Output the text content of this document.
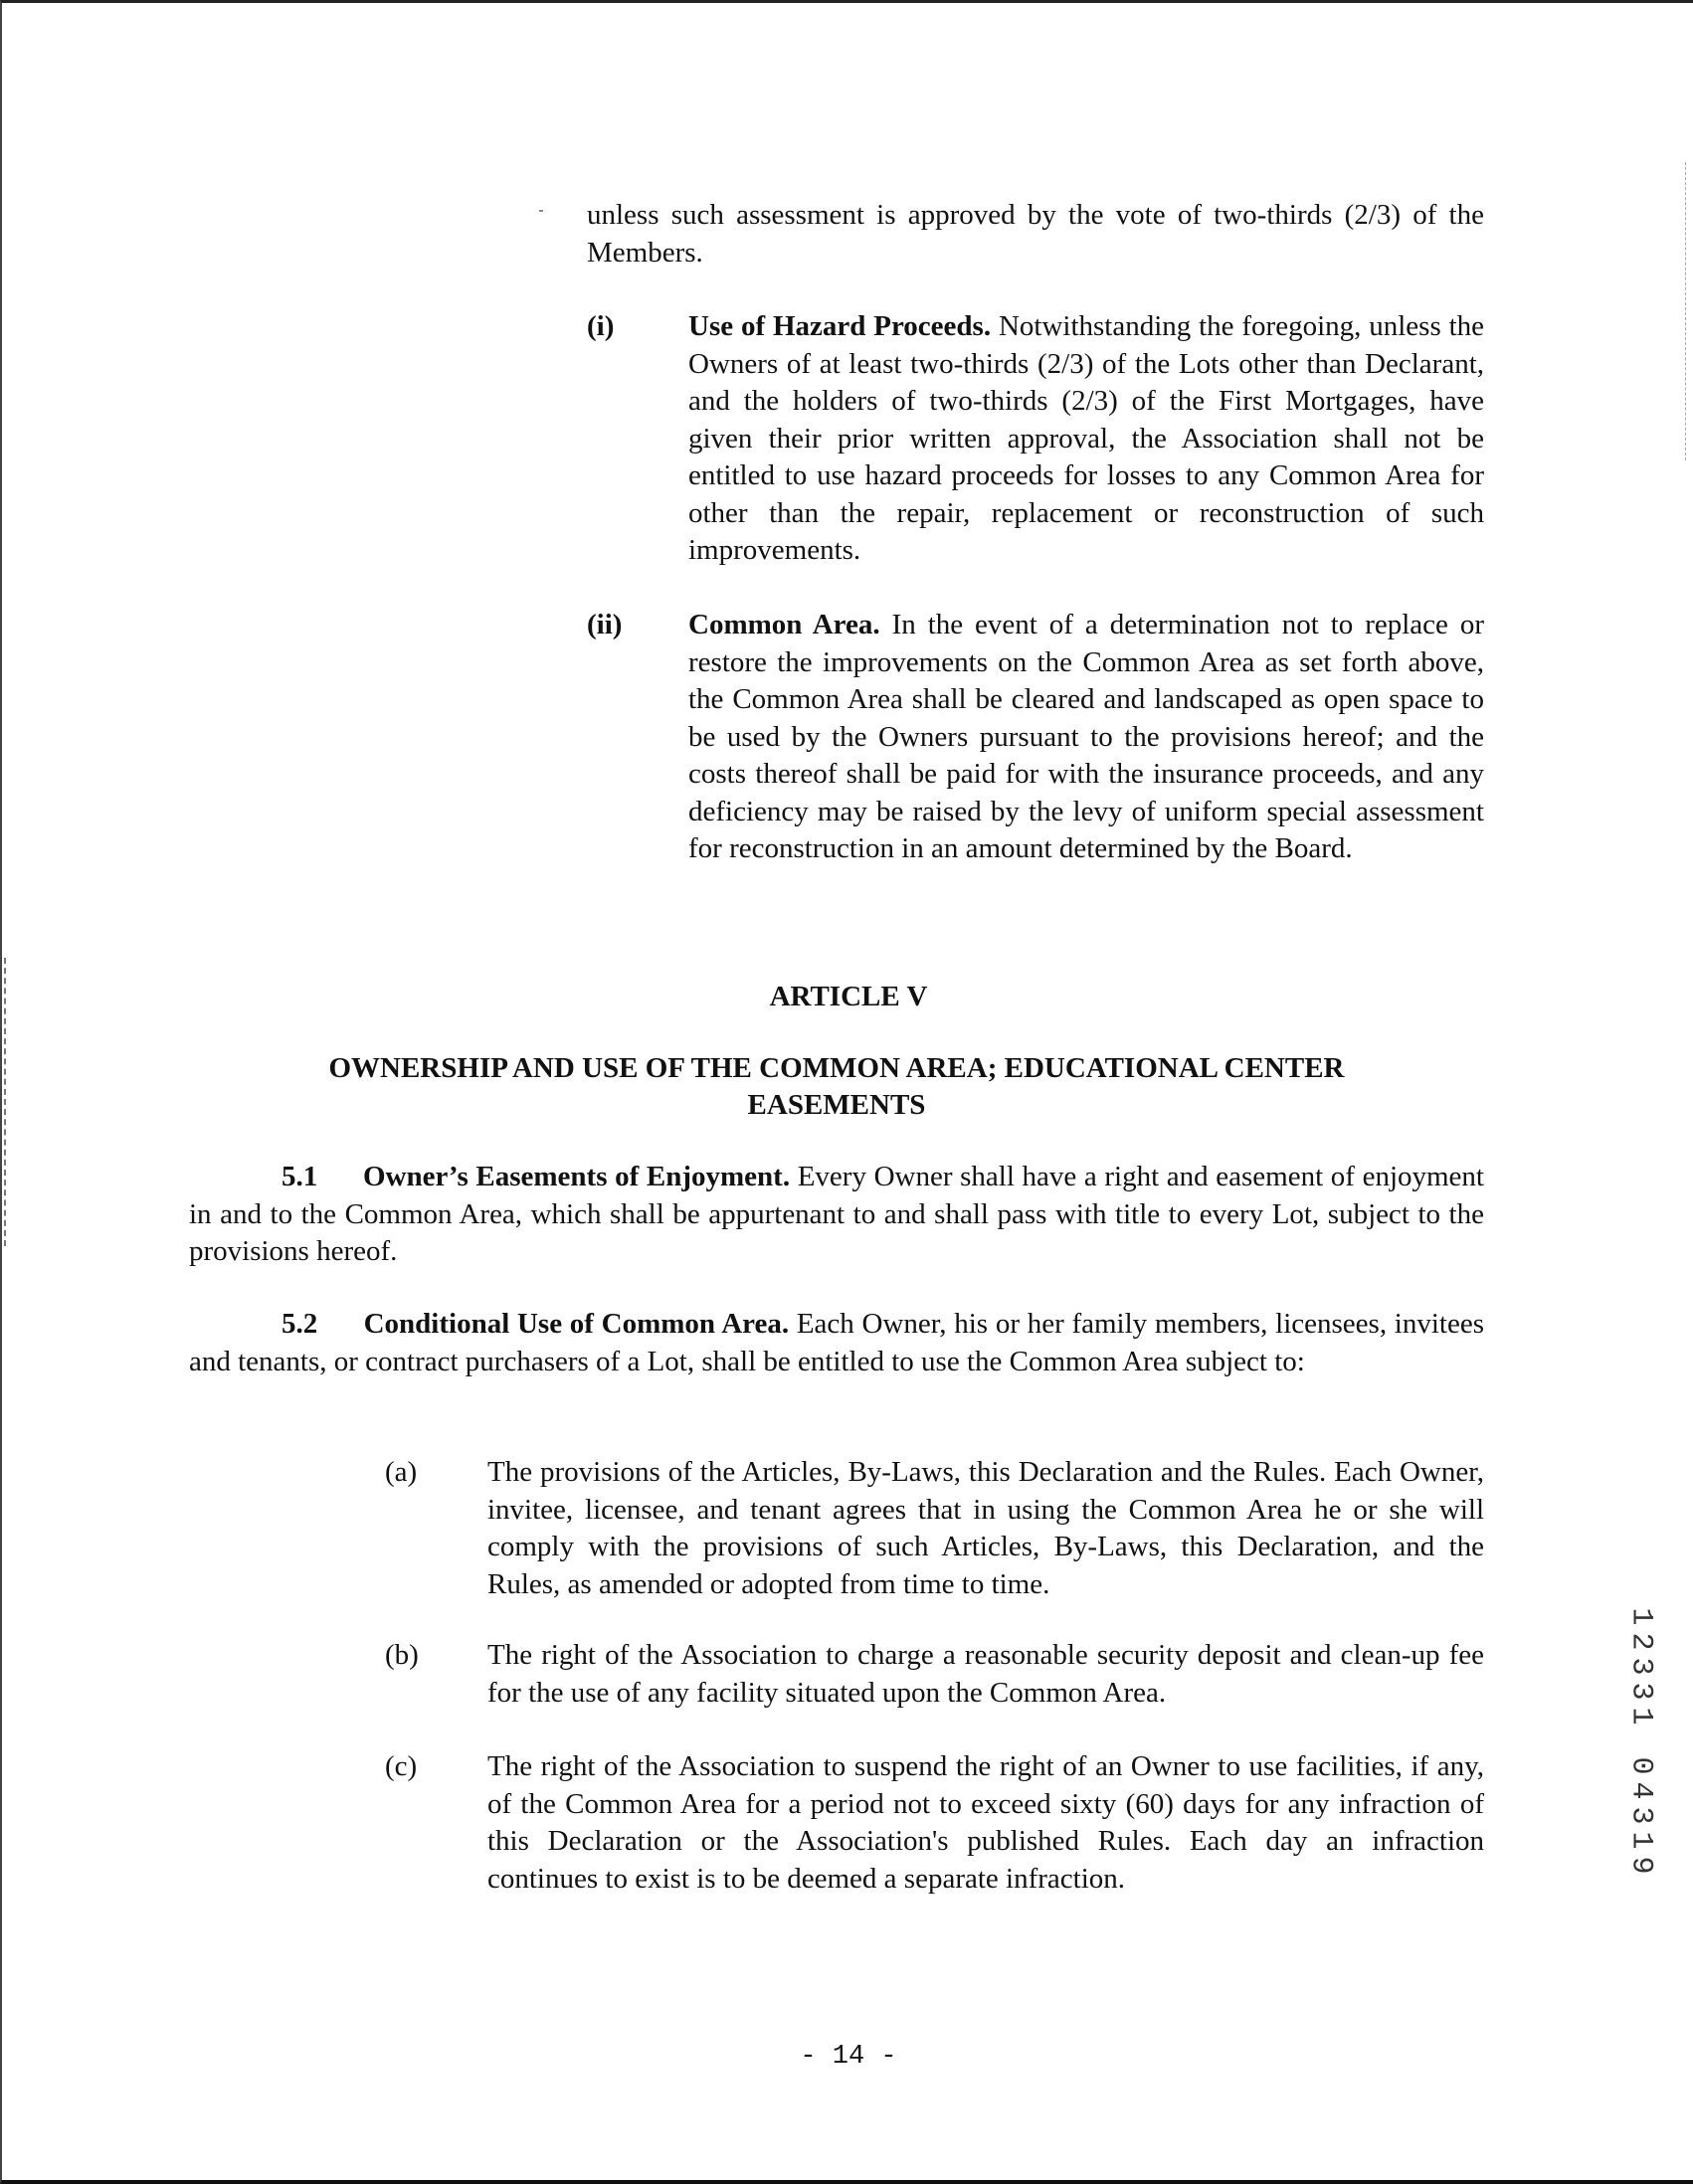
unless such assessment is approved by the vote of two-thirds (2/3) of the Members.

(i)	Use of Hazard Proceeds. Notwithstanding the foregoing, unless the Owners of at least two-thirds (2/3) of the Lots other than Declarant, and the holders of two-thirds (2/3) of the First Mortgages, have given their prior written approval, the Association shall not be entitled to use hazard proceeds for losses to any Common Area for other than the repair, replacement or reconstruction of such improvements.

(ii) Common Area. In the event of a determination not to replace or restore the improvements on the Common Area as set forth above, the Common Area shall be cleared and landscaped as open space to be used by the Owners pursuant to the provisions hereof; and the costs thereof shall be paid for with the insurance proceeds, and any deficiency may be raised by the levy of uniform special assessment for reconstruction in an amount determined by the Board.

ARTICLE V
OWNERSHIP AND USE OF THE COMMON AREA; EDUCATIONAL CENTER
EASEMENTS

5.1 Owner’s Easements of Enjoyment. Every Owner shall have a right and easement of enjoyment in and to the Common Area, which shall be appurtenant to and shall pass with title to every Lot, subject to the provisions hereof.

5.2 Conditional Use of Common Area. Each Owner, his or her family members, licensees, invitees and tenants, or contract purchasers of a Lot, shall be entitled to use the Common Area subject to:

(a) The provisions of the Articles, By-Laws, this Declaration and the Rules. Each Owner, invitee, licensee, and tenant agrees that in using the Common Area he or she will comply with the provisions of such Articles, By-Laws, this Declaration, and the Rules, as amended or adopted from time to time.

(b) The right of the Association to charge a reasonable security deposit and clean-up fee for the use of any facility situated upon the Common Area.

(c) The right of the Association to suspend the right of an Owner to use facilities, if any, of the Common Area for a period not to exceed sixty (60) days for any infraction of this Declaration or the Association's published Rules. Each day an infraction continues to exist is to be deemed a separate infraction.

1
2
3
3
1
0
4
3
1
9
- 14 -
